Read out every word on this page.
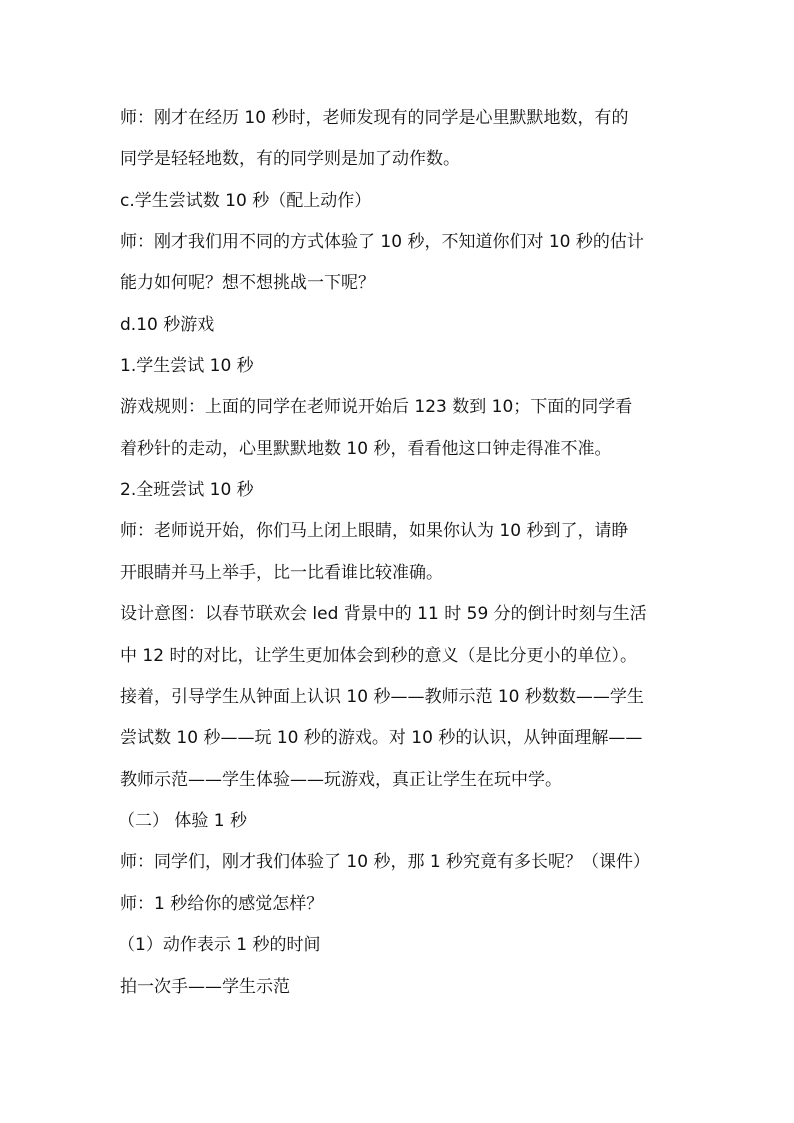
师：刚才在经历 10 秒时，老师发现有的同学是心里默默地数，有的
同学是轻轻地数，有的同学则是加了动作数。
c.学生尝试数 10 秒（配上动作）
师：刚才我们用不同的方式体验了 10 秒，不知道你们对 10 秒的估计
能力如何呢？想不想挑战一下呢？
d.10 秒游戏
1.学生尝试 10 秒
游戏规则：上面的同学在老师说开始后 123 数到 10；下面的同学看
着秒针的走动，心里默默地数 10 秒，看看他这口钟走得准不准。
2.全班尝试 10 秒
师：老师说开始，你们马上闭上眼睛，如果你认为 10 秒到了，请睁
开眼睛并马上举手，比一比看谁比较准确。
设计意图：以春节联欢会 led 背景中的 11 时 59 分的倒计时刻与生活
中 12 时的对比，让学生更加体会到秒的意义（是比分更小的单位）。
接着，引导学生从钟面上认识 10 秒——教师示范 10 秒数数——学生
尝试数 10 秒——玩 10 秒的游戏。对 10 秒的认识，从钟面理解——
教师示范——学生体验——玩游戏，真正让学生在玩中学。
（二） 体验 1 秒
师：同学们，刚才我们体验了 10 秒，那 1 秒究竟有多长呢？（课件）
师：1 秒给你的感觉怎样？
（1）动作表示 1 秒的时间
拍一次手——学生示范
